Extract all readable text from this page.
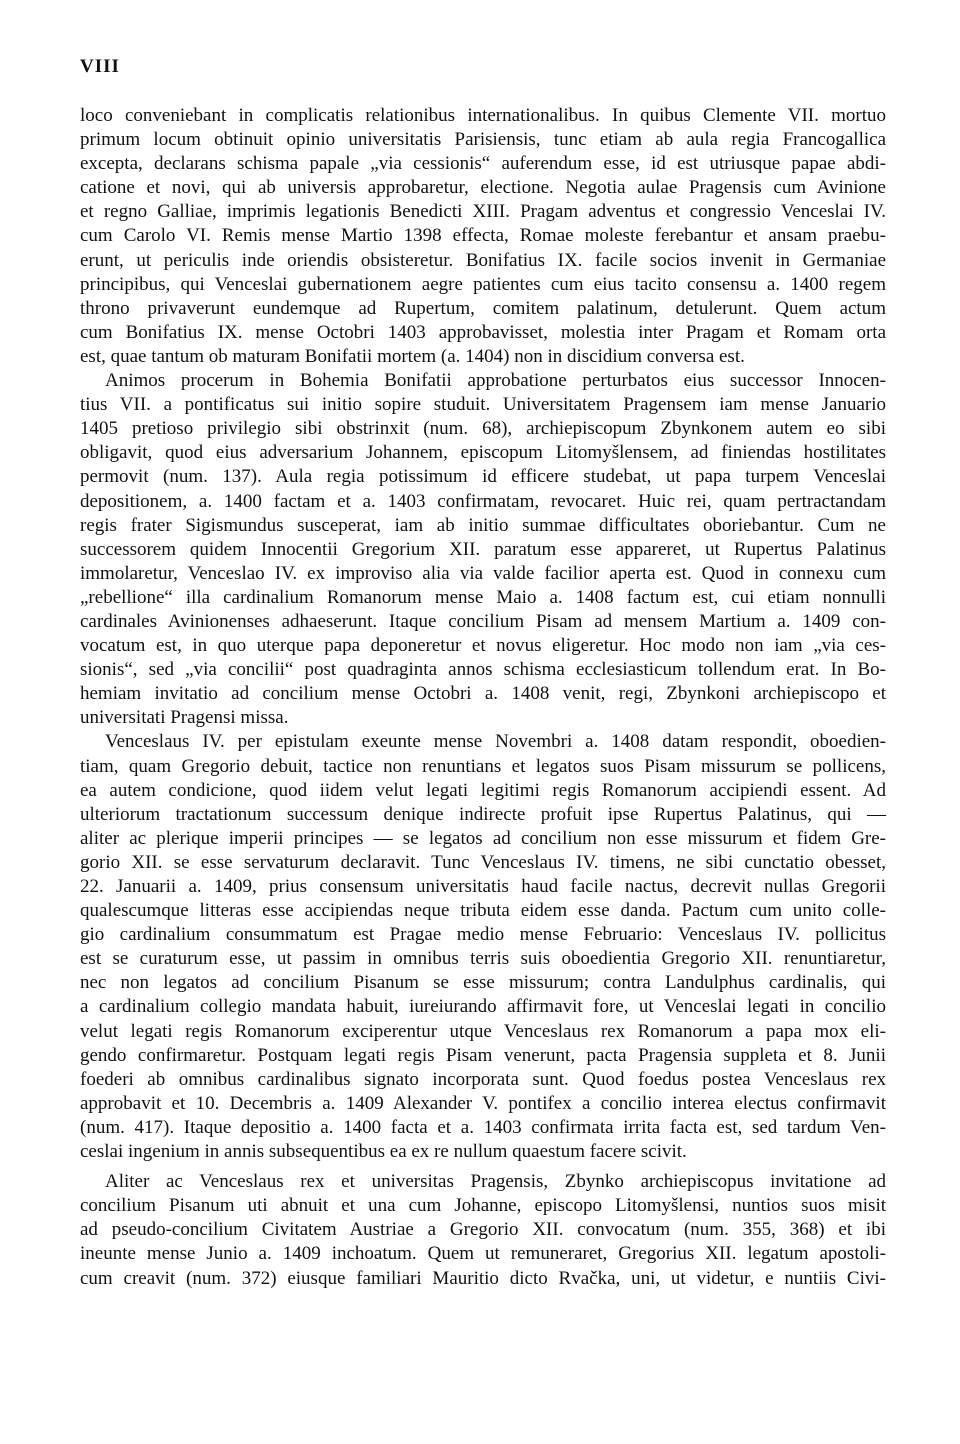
VIII

loco conveniebant in complicatis relationibus internationalibus. In quibus Clemente VII. mortuo

primum locum obtinuit opinio universitatis Parisiensis, tunc etiam ab aula regia Francogallica

excepta, declarans schisma papale „via cessionis“ auferendum esse, id est utriusque papae abdi-

catione et novi, qui ab universis approbaretur, electione. Negotia aulae Pragensis cum Avinione

et regno Galliae, imprimis legationis Benedicti XIII. Pragam adventus et congressio Venceslai IV.

cum Carolo VI. Remis mense Martio 1398 effecta, Romae moleste ferebantur et ansam praebu-

erunt, ut periculis inde oriendis obsisteretur. Bonifatius IX. facile socios invenit in Germaniae

principibus, qui Venceslai gubernationem aegre patientes cum eius tacito consensu a. 1400 regem

throno privaverunt eundemque ad Rupertum, comitem palatinum, detulerunt. Quem actum

cum Bonifatius IX. mense Octobri 1403 approbavisset, molestia inter Pragam et Romam orta

est, quae tantum ob maturam Bonifatii mortem (a. 1404) non in discidium conversa est.

Animos procerum in Bohemia Bonifatii approbatione perturbatos eius successor Innocen-

tius VII. a pontificatus sui initio sopire studuit. Universitatem Pragensem iam mense Januario

1405 pretioso privilegio sibi obstrinxit (num. 68), archiepiscopum Zbynkonem autem eo sibi

obligavit, quod eius adversarium Johannem, episcopum Litomyšlensem, ad finiendas hostilitates

permovit (num. 137). Aula regia potissimum id efficere studebat, ut papa turpem Venceslai

depositionem, a. 1400 factam et a. 1403 confirmatam, revocaret. Huic rei, quam pertractandam

regis frater Sigismundus susceperat, iam ab initio summae difficultates oboriebantur. Cum ne

successorem quidem Innocentii Gregorium XII. paratum esse appareret, ut Rupertus Palatinus

immolaretur, Venceslao IV. ex improviso alia via valde facilior aperta est. Quod in connexu cum

„rebellione“ illa cardinalium Romanorum mense Maio a. 1408 factum est, cui etiam nonnulli

cardinales Avinionenses adhaeserunt. Itaque concilium Pisam ad mensem Martium a. 1409 con-

vocatum est, in quo uterque papa deponeretur et novus eligeretur. Hoc modo non iam „via ces-

sionis“, sed „via concilii“ post quadraginta annos schisma ecclesiasticum tollendum erat. In Bo-

hemiam invitatio ad concilium mense Octobri a. 1408 venit, regi, Zbynkoni archiepiscopo et

universitati Pragensi missa.

Venceslaus IV. per epistulam exeunte mense Novembri a. 1408 datam respondit, oboedien-

tiam, quam Gregorio debuit, tactice non renuntians et legatos suos Pisam missurum se pollicens,

ea autem condicione, quod iidem velut legati legitimi regis Romanorum accipiendi essent. Ad

ulteriorum tractationum successum denique indirecte profuit ipse Rupertus Palatinus, qui —

aliter ac plerique imperii principes — se legatos ad concilium non esse missurum et fidem Gre-

gorio XII. se esse servaturum declaravit. Tunc Venceslaus IV. timens, ne sibi cunctatio obesset,

22. Januarii a. 1409, prius consensum universitatis haud facile nactus, decrevit nullas Gregorii

qualescumque litteras esse accipiendas neque tributa eidem esse danda. Pactum cum unito colle-

gio cardinalium consummatum est Pragae medio mense Februario: Venceslaus IV. pollicitus

est se curaturum esse, ut passim in omnibus terris suis oboedientia Gregorio XII. renuntiaretur,

nec non legatos ad concilium Pisanum se esse missurum; contra Landulphus cardinalis, qui

a cardinalium collegio mandata habuit, iureiurando affirmavit fore, ut Venceslai legati in concilio

velut legati regis Romanorum exciperentur utque Venceslaus rex Romanorum a papa mox eli-

gendo confirmaretur. Postquam legati regis Pisam venerunt, pacta Pragensia suppleta et 8. Junii

foederi ab omnibus cardinalibus signato incorporata sunt. Quod foedus postea Venceslaus rex

approbavit et 10. Decembris a. 1409 Alexander V. pontifex a concilio interea electus confirmavit

(num. 417). Itaque depositio a. 1400 facta et a. 1403 confirmata irrita facta est, sed tardum Ven-

ceslai ingenium in annis subsequentibus ea ex re nullum quaestum facere scivit.

Aliter ac Venceslaus rex et universitas Pragensis, Zbynko archiepiscopus invitatione ad

concilium Pisanum uti abnuit et una cum Johanne, episcopo Litomyšlensi, nuntios suos misit

ad pseudo-concilium Civitatem Austriae a Gregorio XII. convocatum (num. 355, 368) et ibi

ineunte mense Junio a. 1409 inchoatum. Quem ut remuneraret, Gregorius XII. legatum apostoli-

cum creavit (num. 372) eiusque familiari Mauritio dicto Rvačka, uni, ut videtur, e nuntiis Civi-
